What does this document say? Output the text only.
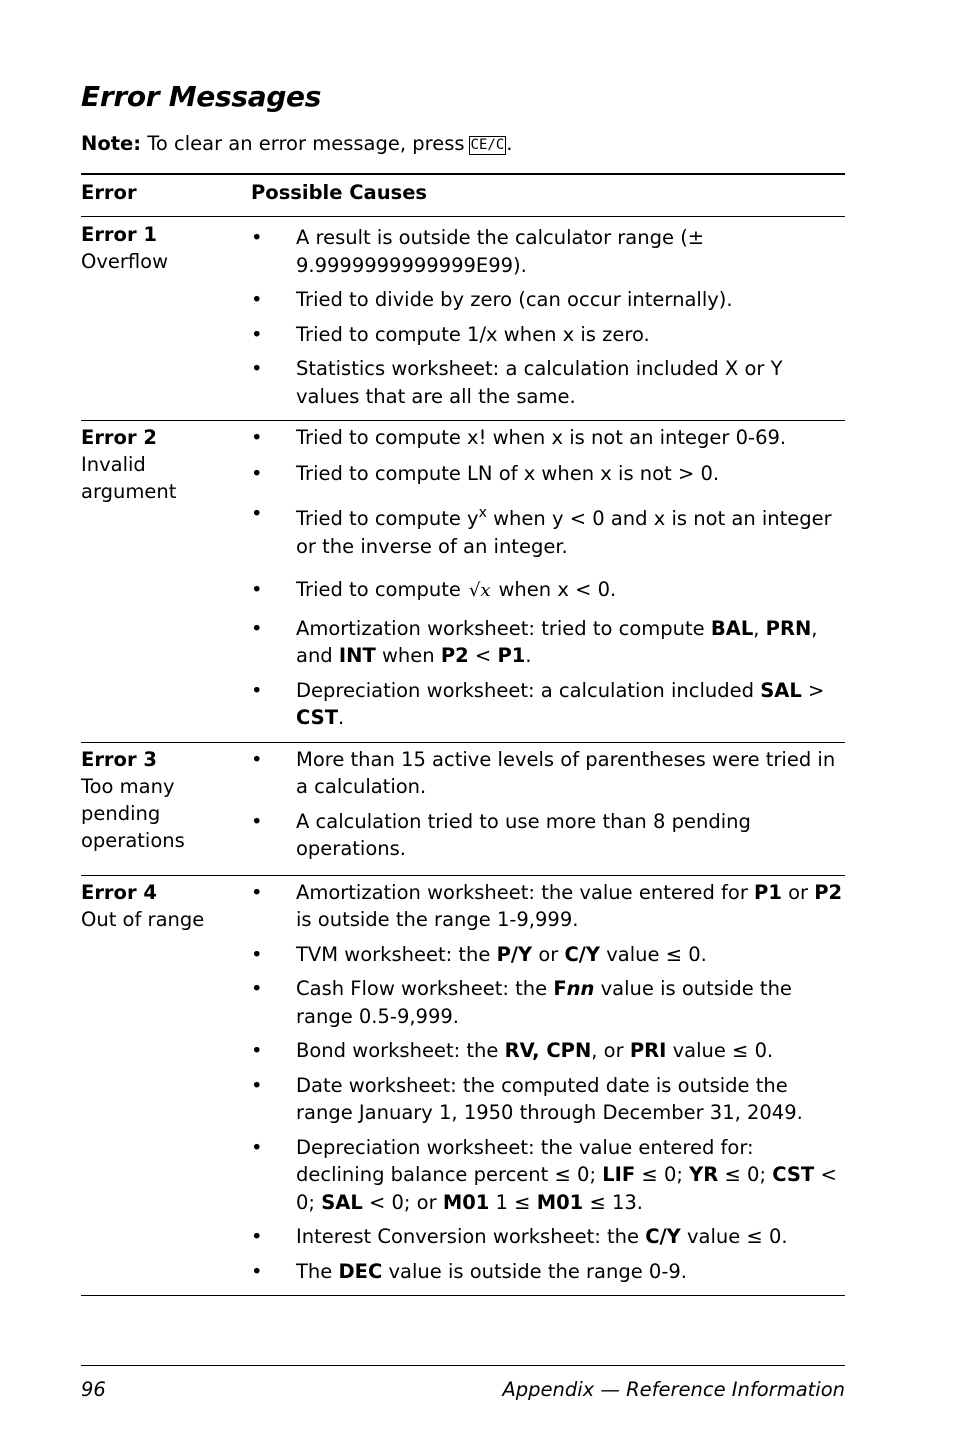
Error Messages
Note: To clear an error message, press CE/C .
Error	Possible Causes
Error 1
Overflow
• A result is outside the calculator range (± 9.9999999999999E99).
• Tried to divide by zero (can occur internally).
• Tried to compute 1/x when x is zero.
• Statistics worksheet: a calculation included X or Y values that are all the same.
Error 2
Invalid argument
• Tried to compute x! when x is not an integer 0-69.
• Tried to compute LN of x when x is not > 0.
• Tried to compute $y^x$ when y < 0 and x is not an integer or the inverse of an integer.
• Tried to compute √x when x < 0.
• Amortization worksheet: tried to compute BAL, PRN, and INT when P2 < P1.
• Depreciation worksheet: a calculation included SAL > CST.
Error 3
Too many pending operations
• More than 15 active levels of parentheses were tried in a calculation.
• A calculation tried to use more than 8 pending operations.
Error 4
Out of range
• Amortization worksheet: the value entered for P1 or P2 is outside the range 1-9,999.
• TVM worksheet: the P/Y or C/Y value ≤ 0.
• Cash Flow worksheet: the Fnn value is outside the range 0.5-9,999.
• Bond worksheet: the RV, CPN, or PRI value ≤ 0.
• Date worksheet: the computed date is outside the range January 1, 1950 through December 31, 2049.
• Depreciation worksheet: the value entered for: declining balance percent ≤ 0; LIF ≤ 0; YR ≤ 0; CST < 0; SAL < 0; or M01 1 ≤ M01 ≤ 13.
• Interest Conversion worksheet: the C/Y value ≤ 0.
• The DEC value is outside the range 0-9.
96	Appendix — Reference Information
